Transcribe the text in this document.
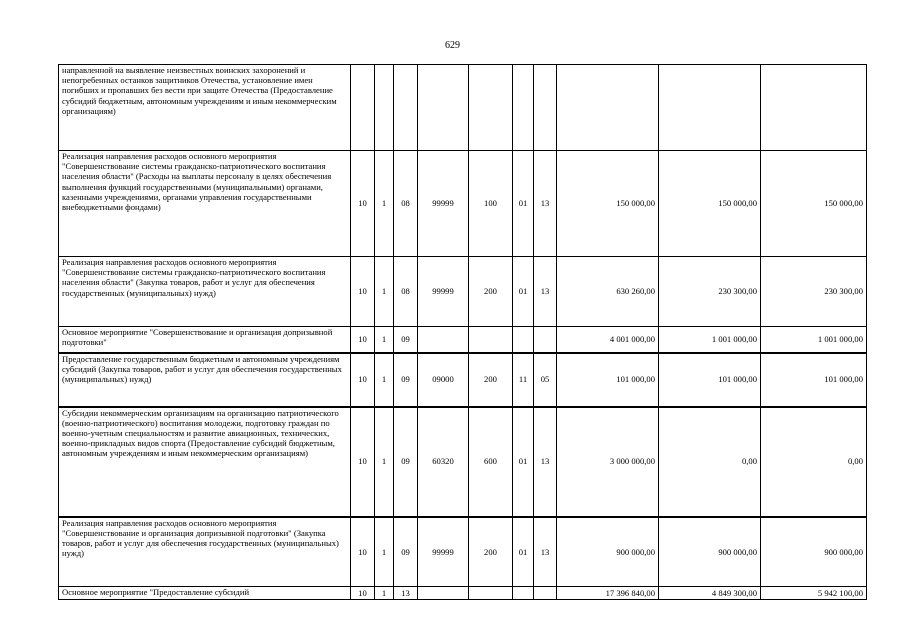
629
направленной на выявление неизвестных воинских захоронений и непогребенных останков защитников Отечества, установление имен погибших и пропавших без вести при защите Отечества (Предоставление субсидий бюджетным, автономным учреждениям и иным некоммерческим организациям)										
Реализация направления расходов основного мероприятия "Совершенствование системы гражданско-патриотического воспитания населения области" (Расходы на выплаты персоналу в целях обеспечения выполнения функций государственными (муниципальными) органами, казенными учреждениями, органами управления государственными внебюджетными фондами)	10	1	08	99999	100	01	13	150 000,00	150 000,00	150 000,00
Реализация направления расходов основного мероприятия "Совершенствование системы гражданско-патриотического воспитания населения области" (Закупка товаров, работ и услуг для обеспечения государственных (муниципальных) нужд)	10	1	08	99999	200	01	13	630 260,00	230 300,00	230 300,00
Основное мероприятие "Совершенствование и организация допризывной подготовки"	10	1	09					4 001 000,00	1 001 000,00	1 001 000,00
Предоставление государственным бюджетным и автономным учреждениям субсидий (Закупка товаров, работ и услуг для обеспечения государственных (муниципальных) нужд)	10	1	09	09000	200	11	05	101 000,00	101 000,00	101 000,00
Субсидии некоммерческим организациям на организацию патриотического (военно-патриотического) воспитания молодежи, подготовку граждан по военно-учетным специальностям и развитие авиационных, технических, военно-прикладных видов спорта (Предоставление субсидий бюджетным, автономным учреждениям и иным некоммерческим организациям)	10	1	09	60320	600	01	13	3 000 000,00	0,00	0,00
Реализация направления расходов основного мероприятия "Совершенствование и организация допризывной подготовки" (Закупка товаров, работ и услуг для обеспечения государственных (муниципальных) нужд)	10	1	09	99999	200	01	13	900 000,00	900 000,00	900 000,00
Основное мероприятие "Предоставление субсидий	10	1	13					17 396 840,00	4 849 300,00	5 942 100,00
